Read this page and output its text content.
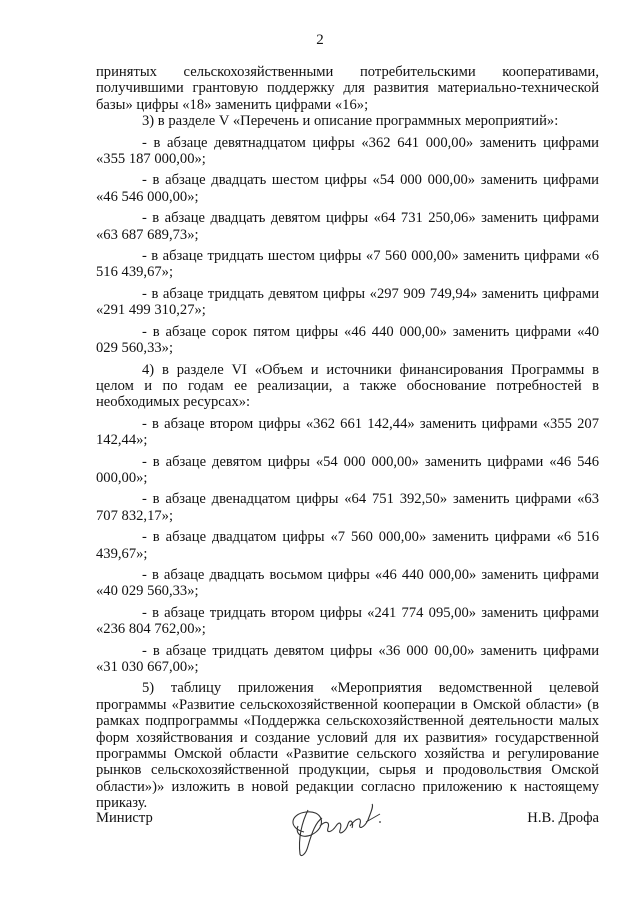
2

принятых сельскохозяйственными потребительскими кооперативами, получившими грантовую поддержку для развития материально-технической базы» цифры «18» заменить цифрами «16»;

3) в разделе V «Перечень и описание программных мероприятий»:

- в абзаце девятнадцатом цифры «362 641 000,00» заменить цифрами «355 187 000,00»;

- в абзаце двадцать шестом цифры «54 000 000,00» заменить цифрами «46 546 000,00»;

- в абзаце двадцать девятом цифры «64 731 250,06» заменить цифрами «63 687 689,73»;

- в абзаце тридцать шестом цифры «7 560 000,00» заменить цифрами «6 516 439,67»;

- в абзаце тридцать девятом цифры «297 909 749,94» заменить цифрами «291 499 310,27»;

- в абзаце сорок пятом цифры «46 440 000,00» заменить цифрами «40 029 560,33»;

4) в разделе VI «Объем и источники финансирования Программы в целом и по годам ее реализации, а также обоснование потребностей в необходимых ресурсах»:

- в абзаце втором цифры «362 661 142,44» заменить цифрами «355 207 142,44»;

- в абзаце девятом цифры «54 000 000,00» заменить цифрами «46 546 000,00»;

- в абзаце двенадцатом цифры «64 751 392,50» заменить цифрами «63 707 832,17»;

- в абзаце двадцатом цифры «7 560 000,00» заменить цифрами «6 516 439,67»;

- в абзаце двадцать восьмом цифры «46 440 000,00» заменить цифрами «40 029 560,33»;

- в абзаце тридцать втором цифры «241 774 095,00» заменить цифрами «236 804 762,00»;

- в абзаце тридцать девятом цифры «36 000 00,00» заменить цифрами «31 030 667,00»;

5) таблицу приложения «Мероприятия ведомственной целевой программы «Развитие сельскохозяйственной кооперации в Омской области» (в рамках подпрограммы «Поддержка сельскохозяйственной деятельности малых форм хозяйствования и создание условий для их развития» государственной программы Омской области «Развитие сельского хозяйства и регулирование рынков сельскохозяйственной продукции, сырья и продовольствия Омской области»)» изложить в новой редакции согласно приложению к настоящему приказу.

Министр	Н.В. Дрофа
